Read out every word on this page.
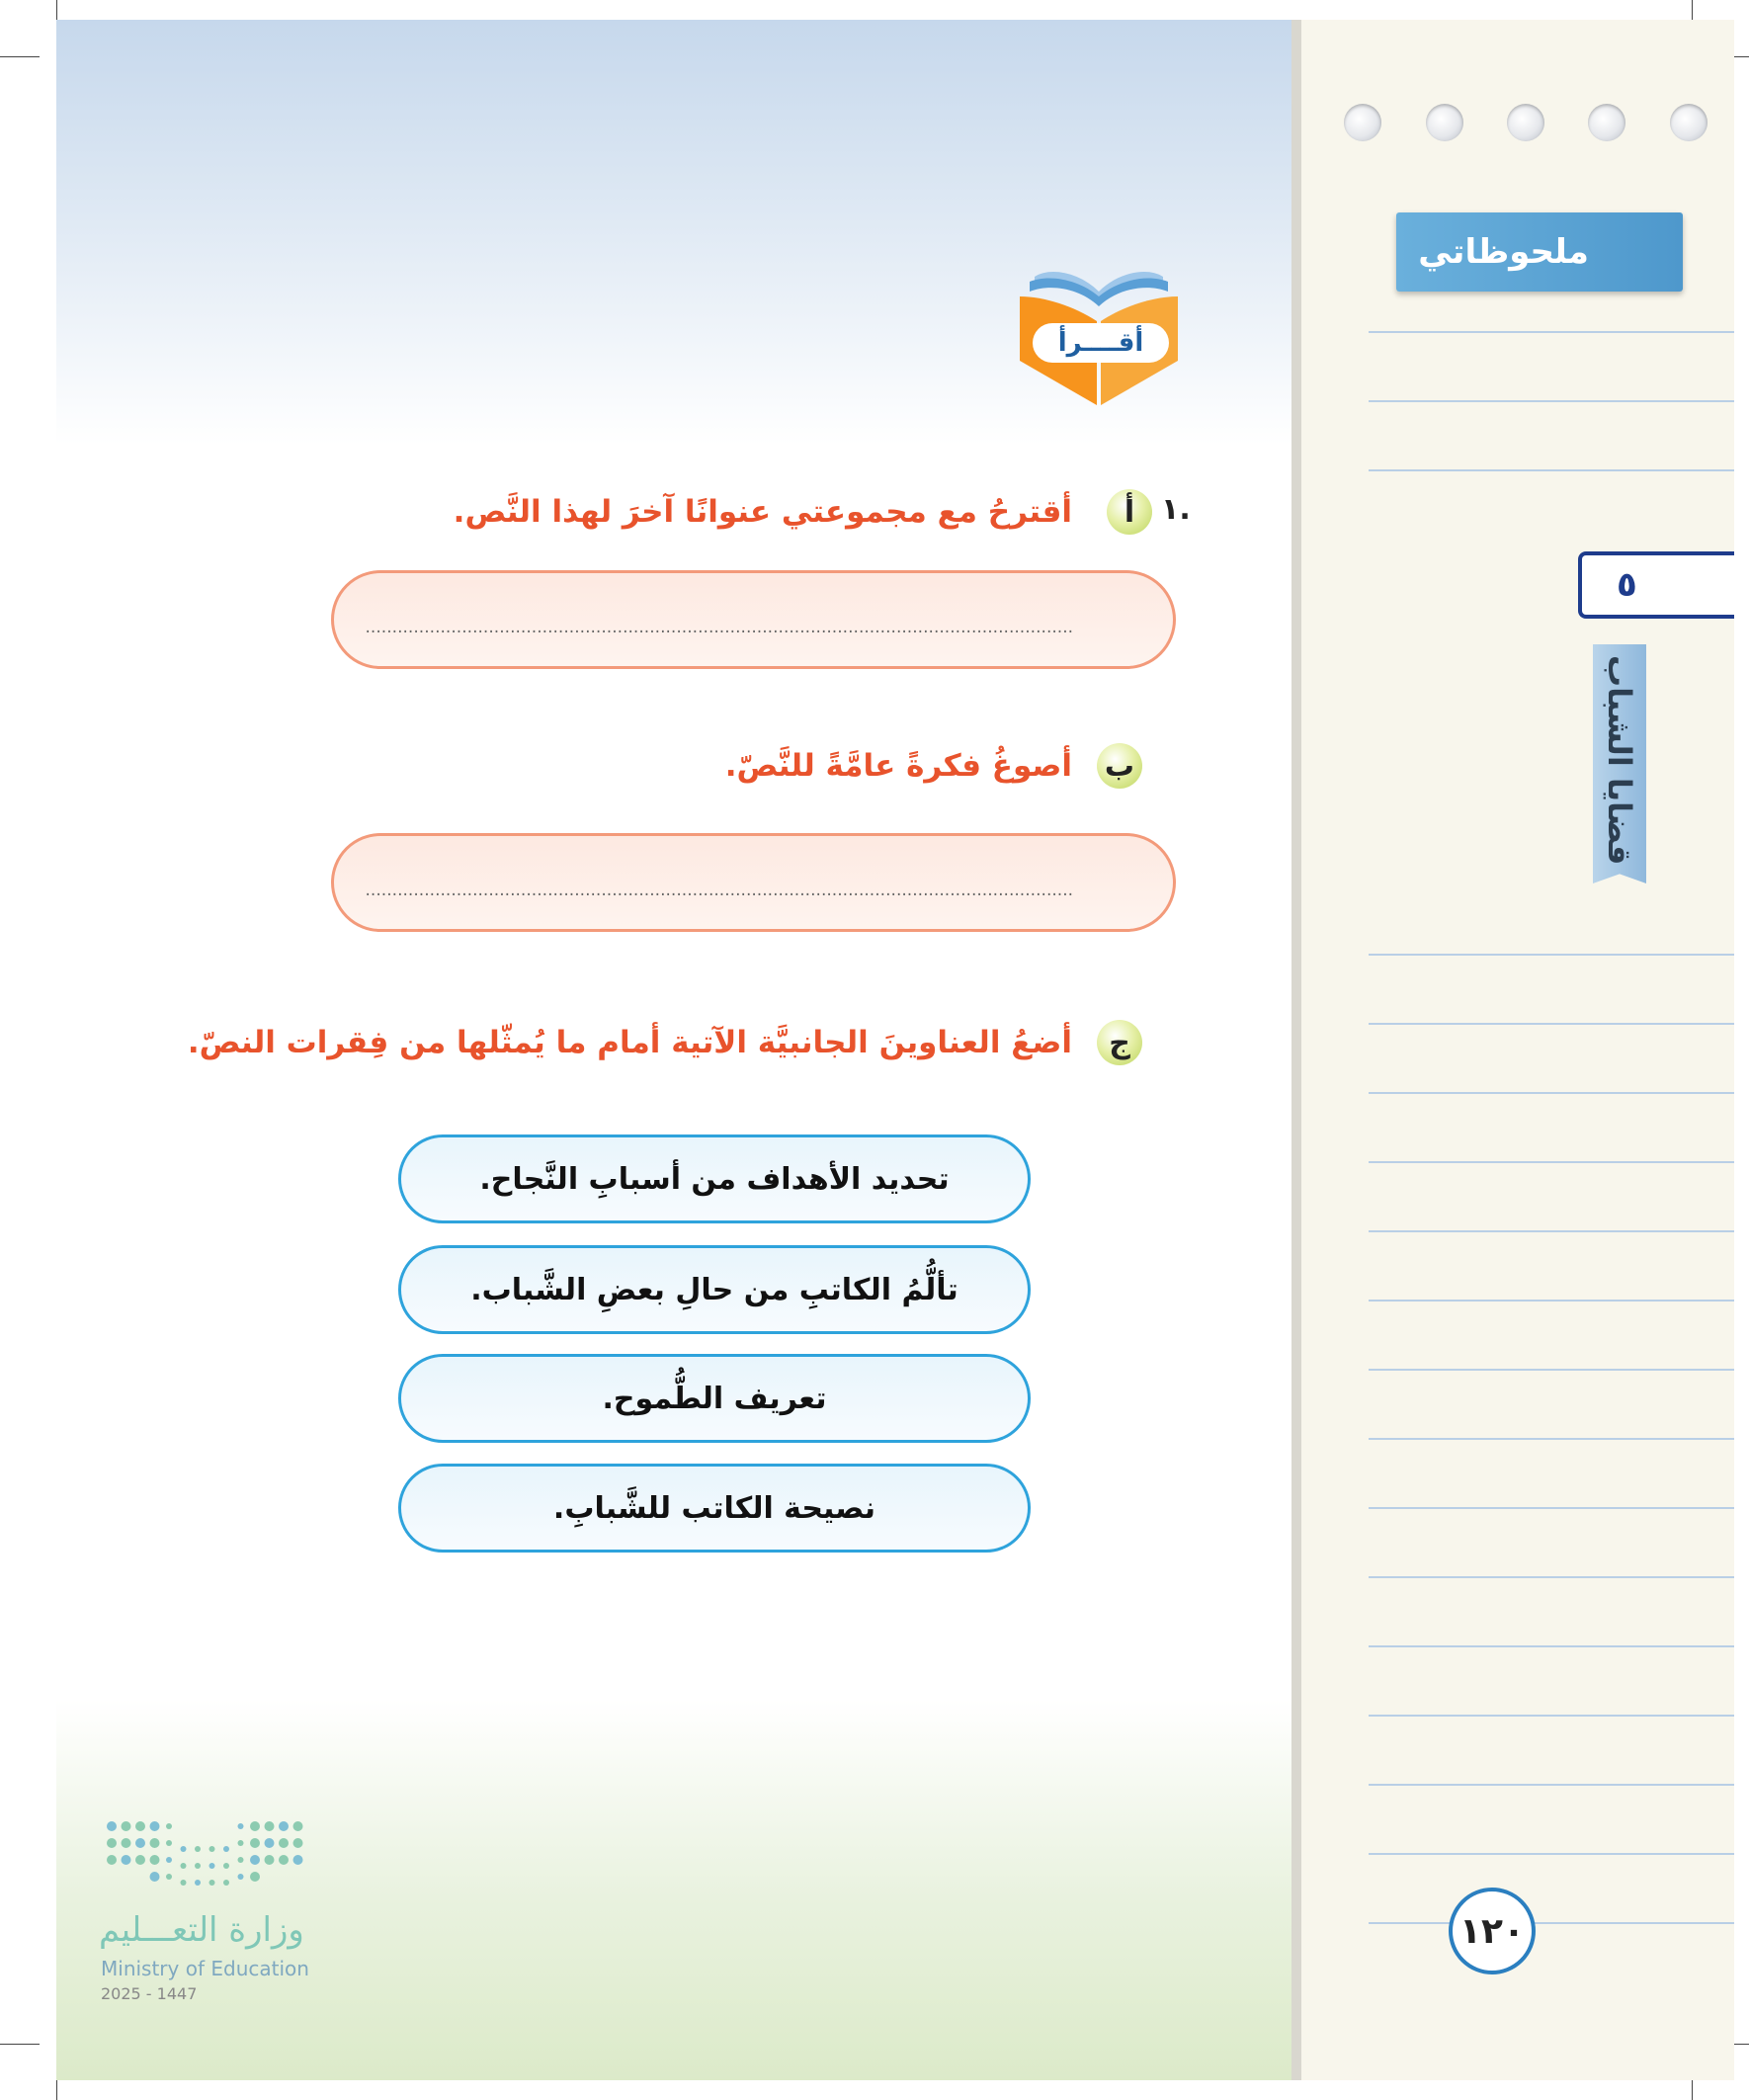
ملحوظاتي
٥
قضايا الشباب
١٢٠
أقــــرأ
١.
أ
أقترحُ مع مجموعتي عنوانًا آخرَ لهذا النَّص.
....................................................................................................................................
ب
أصوغُ فكرةً عامَّةً للنَّصّ.
....................................................................................................................................
ج
أضعُ العناوينَ الجانبيَّة الآتية أمام ما يُمثّلها من فِقرات النصّ.
تحديد الأهداف من أسبابِ النَّجاح.
تألُّمُ الكاتبِ من حالِ بعضِ الشَّباب.
تعريف الطُّموح.
نصيحة الكاتب للشَّبابِ.
وزارة التعـــليم
Ministry of Education
2025 - 1447
